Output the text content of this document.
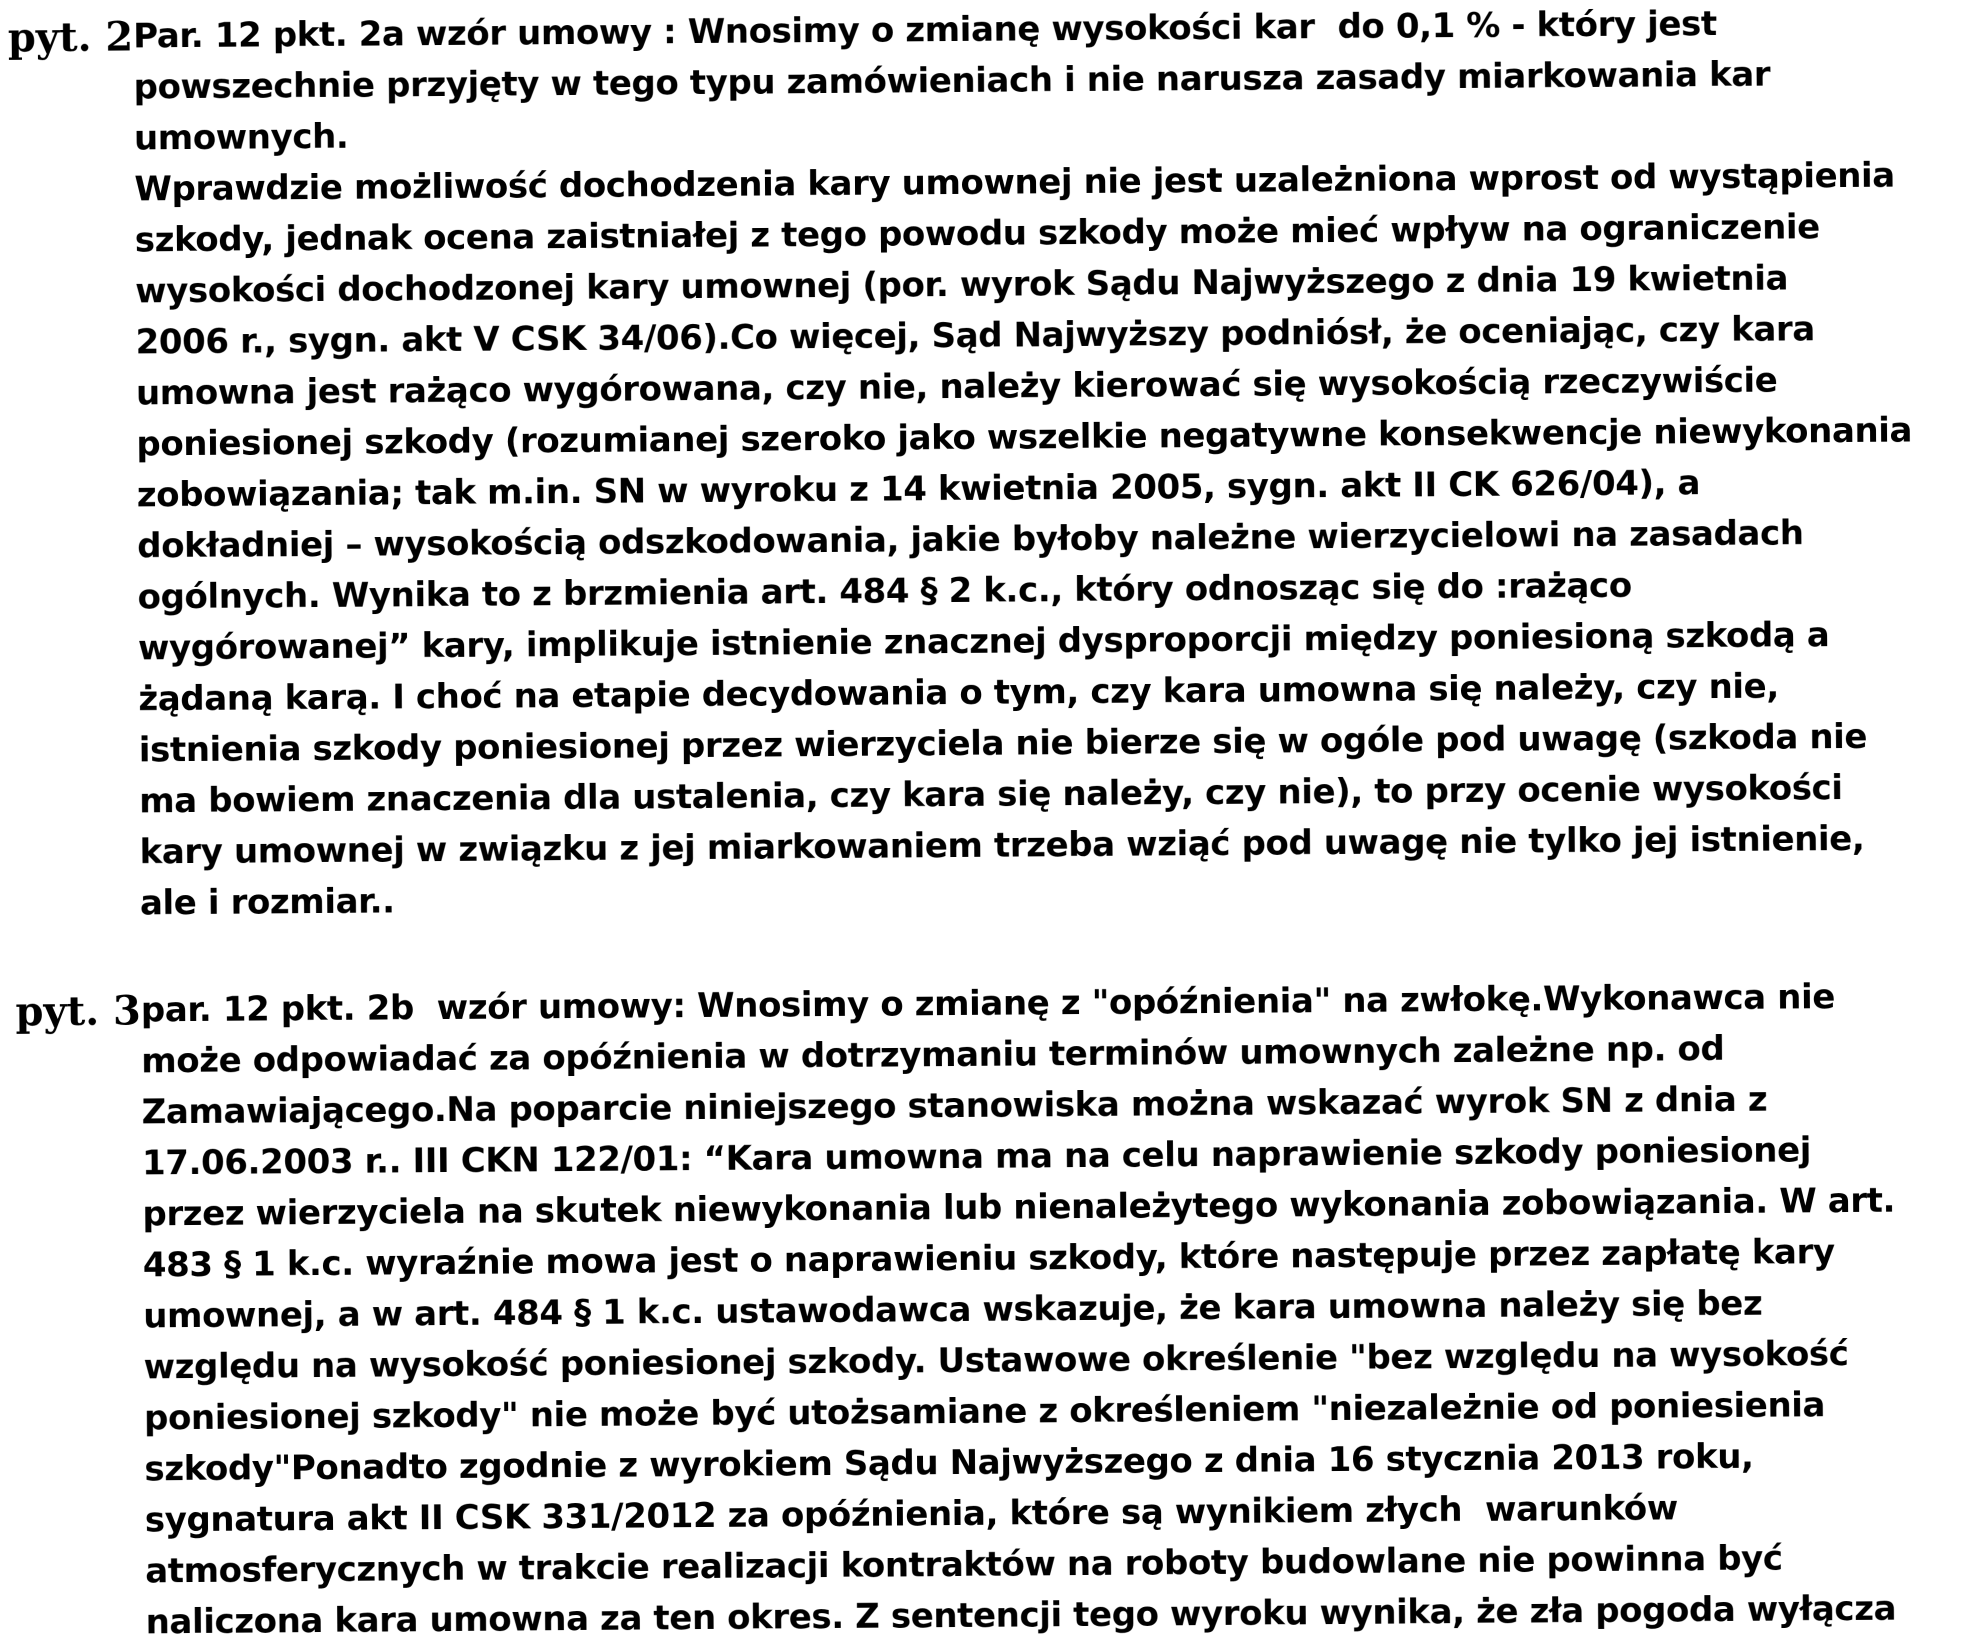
pyt. 2 Par. 12 pkt. 2a wzór umowy : Wnosimy o zmianę wysokości kar  do 0,1 % - który jest
powszechnie przyjęty w tego typu zamówieniach i nie narusza zasady miarkowania kar
umownych.
Wprawdzie możliwość dochodzenia kary umownej nie jest uzależniona wprost od wystąpienia
szkody, jednak ocena zaistniałej z tego powodu szkody może mieć wpływ na ograniczenie
wysokości dochodzonej kary umownej (por. wyrok Sądu Najwyższego z dnia 19 kwietnia
2006 r., sygn. akt V CSK 34/06).Co więcej, Sąd Najwyższy podniósł, że oceniając, czy kara
umowna jest rażąco wygórowana, czy nie, należy kierować się wysokością rzeczywiście
poniesionej szkody (rozumianej szeroko jako wszelkie negatywne konsekwencje niewykonania
zobowiązania; tak m.in. SN w wyroku z 14 kwietnia 2005, sygn. akt II CK 626/04), a
dokładniej – wysokością odszkodowania, jakie byłoby należne wierzycielowi na zasadach
ogólnych. Wynika to z brzmienia art. 484 § 2 k.c., który odnosząc się do :rażąco
wygórowanej” kary, implikuje istnienie znacznej dysproporcji między poniesioną szkodą a
żądaną karą. I choć na etapie decydowania o tym, czy kara umowna się należy, czy nie,
istnienia szkody poniesionej przez wierzyciela nie bierze się w ogóle pod uwagę (szkoda nie
ma bowiem znaczenia dla ustalenia, czy kara się należy, czy nie), to przy ocenie wysokości
kary umownej w związku z jej miarkowaniem trzeba wziąć pod uwagę nie tylko jej istnienie,
ale i rozmiar..
pyt. 3 par. 12 pkt. 2b  wzór umowy: Wnosimy o zmianę z "opóźnienia" na zwłokę.Wykonawca nie
może odpowiadać za opóźnienia w dotrzymaniu terminów umownych zależne np. od
Zamawiającego.Na poparcie niniejszego stanowiska można wskazać wyrok SN z dnia z
17.06.2003 r.. III CKN 122/01: “Kara umowna ma na celu naprawienie szkody poniesionej
przez wierzyciela na skutek niewykonania lub nienależytego wykonania zobowiązania. W art.
483 § 1 k.c. wyraźnie mowa jest o naprawieniu szkody, które następuje przez zapłatę kary
umownej, a w art. 484 § 1 k.c. ustawodawca wskazuje, że kara umowna należy się bez
względu na wysokość poniesionej szkody. Ustawowe określenie "bez względu na wysokość
poniesionej szkody" nie może być utożsamiane z określeniem "niezależnie od poniesienia
szkody"Ponadto zgodnie z wyrokiem Sądu Najwyższego z dnia 16 stycznia 2013 roku,
sygnatura akt II CSK 331/2012 za opóźnienia, które są wynikiem złych  warunków
atmosferycznych w trakcie realizacji kontraktów na roboty budowlane nie powinna być
naliczona kara umowna za ten okres. Z sentencji tego wyroku wynika, że zła pogoda wyłącza
